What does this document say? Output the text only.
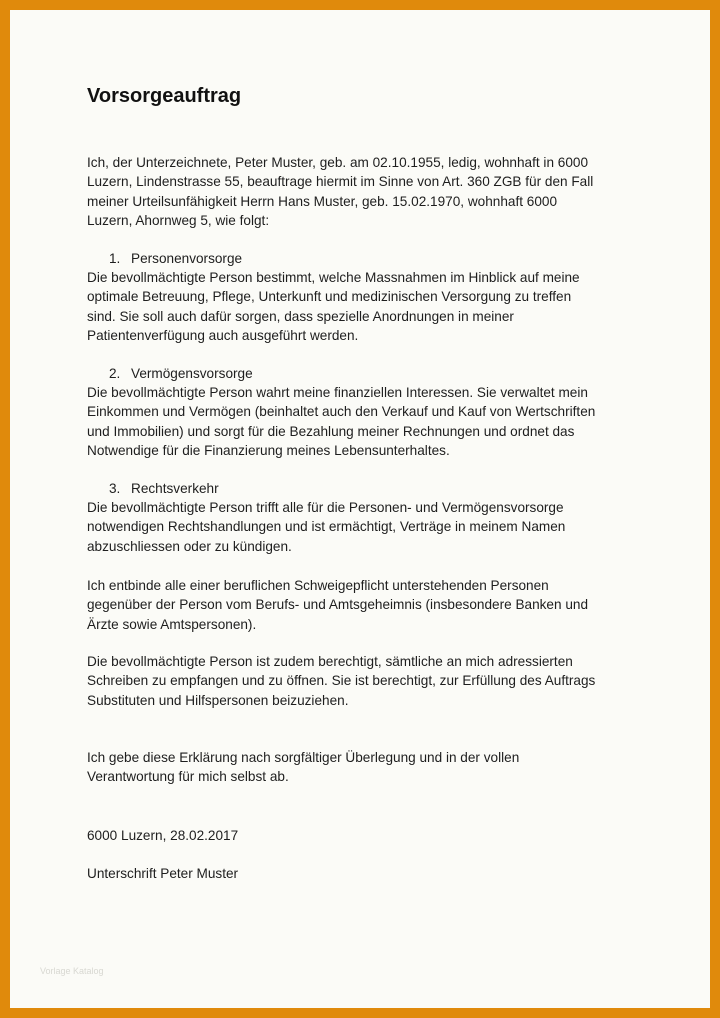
Vorsorgeauftrag
Ich, der Unterzeichnete, Peter Muster, geb. am 02.10.1955, ledig, wohnhaft in 6000
Luzern, Lindenstrasse 55, beauftrage hiermit im Sinne von Art. 360 ZGB für den Fall
meiner Urteilsunfähigkeit Herrn Hans Muster, geb. 15.02.1970, wohnhaft 6000
Luzern, Ahornweg 5, wie folgt:
1. Personenvorsorge
Die bevollmächtigte Person bestimmt, welche Massnahmen im Hinblick auf meine
optimale Betreuung, Pflege, Unterkunft und medizinischen Versorgung zu treffen
sind. Sie soll auch dafür sorgen, dass spezielle Anordnungen in meiner
Patientenverfügung auch ausgeführt werden.
2. Vermögensvorsorge
Die bevollmächtigte Person wahrt meine finanziellen Interessen. Sie verwaltet mein
Einkommen und Vermögen (beinhaltet auch den Verkauf und Kauf von Wertschriften
und Immobilien) und sorgt für die Bezahlung meiner Rechnungen und ordnet das
Notwendige für die Finanzierung meines Lebensunterhaltes.
3. Rechtsverkehr
Die bevollmächtigte Person trifft alle für die Personen- und Vermögensvorsorge
notwendigen Rechtshandlungen und ist ermächtigt, Verträge in meinem Namen
abzuschliessen oder zu kündigen.
Ich entbinde alle einer beruflichen Schweigepflicht unterstehenden Personen
gegenüber der Person vom Berufs- und Amtsgeheimnis (insbesondere Banken und
Ärzte sowie Amtspersonen).
Die bevollmächtigte Person ist zudem berechtigt, sämtliche an mich adressierten
Schreiben zu empfangen und zu öffnen. Sie ist berechtigt, zur Erfüllung des Auftrags
Substituten und Hilfspersonen beizuziehen.
Ich gebe diese Erklärung nach sorgfältiger Überlegung und in der vollen
Verantwortung für mich selbst ab.
6000 Luzern, 28.02.2017
Unterschrift Peter Muster
Vorlage Katalog
